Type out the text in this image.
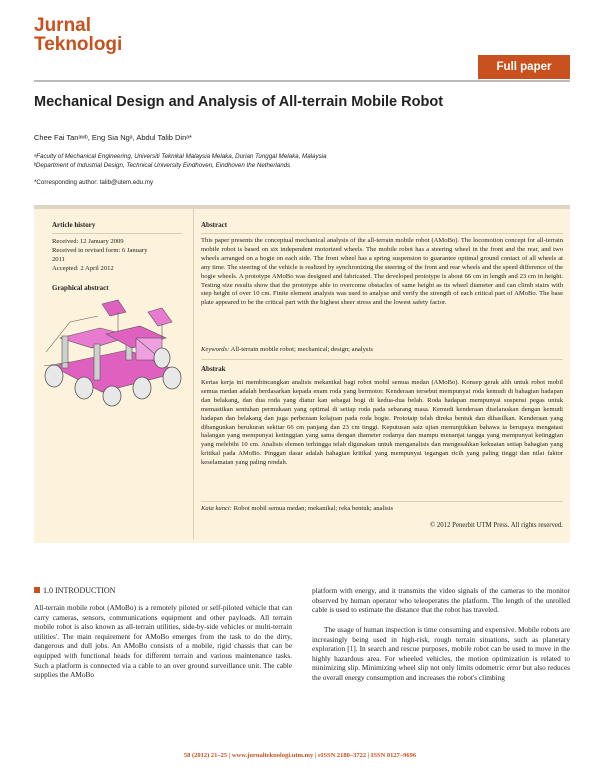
Jurnal
Teknologi
Full paper
Mechanical Design and Analysis of All-terrain Mobile Robot
Chee Fai Tanᵃʷᵇ, Eng Sia Ngᵃ, Abdul Talib Dinᵃ*
ᵃFaculty of Mechanical Engineering, Universiti Teknikal Malaysia Melaka, Durian Tunggal Melaka, Malaysia
ᵇDepartment of Industrial Design, Technical University Eindhoven, Eindhoven the Netherlands
*Corresponding author: talib@utem.edu.my
Article history
Received: 12 January 2009
Received in revised form: 6 January
2011
Accepted: 2 April 2012
Graphical abstract
Abstract
This paper presents the conceptual mechanical analysis of the all-terrain mobile robot (AMoBo). The locomotion concept for all-terrain mobile robot is based on six independent motorized wheels. The mobile robot has a steering wheel in the front and the rear, and two wheels arranged on a bogie on each side. The front wheel has a spring suspension to guarantee optimal ground contact of all wheels at any time. The steering of the vehicle is realized by synchronizing the steering of the front and rear wheels and the speed difference of the bogie wheels. A prototype AMoBo was designed and fabricated. The developed prototype is about 66 cm in length and 23 cm in height. Testing size results show that the prototype able to overcome obstacles of same height as its wheel diameter and can climb stairs with step height of over 10 cm. Finite element analysis was used to analyse and verify the strength of each critical part of AMoBo. The base plate appeared to be the critical part with the highest sheer stress and the lowest safety factor.
Keywords: All-terrain mobile robot; mechanical; design; analysis
Abstrak
Kertas kerja ini membincangkan analisis mekanikal bagi robot mobil semua medan (AMoBo). Konsep gerak alih untuk robot mobil semua medan adalah berdasarkan kepada enam roda yang bermotor. Kenderaan tersebut mempunyai roda kemudi di bahagian hadapan dan belakang, dan dua roda yang diatur kan sebagai bogi di kedua-dua belah. Roda hadapan mempunyai suspensi pegas untuk memastikan sentuhan permukaan yang optimal di setiap roda pada sebarang masa. Kemudi kenderaan diselaraskan dengan kemudi hadapan dan belakang dan juga perbezaan kelajuan pada roda bogie. Prototaip telah direka bentuk dan dihasilkan. Kenderaan yang dibangunkan berukuran sekitar 66 cm panjang dan 23 cm tinggi. Keputusan saiz ujian menunjukkan bahawa ia berupaya mengatasi halangan yang mempunyai ketinggian yang sama dengan diameter rodanya dan mampu menanjat tangga yang mempunyai ketinggian yang melebihi 10 cm. Analisis elemen terhingga telah digunakan untuk menganalisis dan mengesahkan kekuatan setiap bahagian yang kritikal pada AMoBo. Pinggan dasar adalah bahagian kritikal yang mempunyai tegangan ricih yang paling tinggi dan nilai faktor keselamatan yang paling rendah.
Kata kunci: Robot mobil semua medan; mekanikal; reka bentuk; analisis
© 2012 Penerbit UTM Press. All rights reserved.
1.0 INTRODUCTION
All-terrain mobile robot (AMoBo) is a remotely piloted or self-piloted vehicle that can carry cameras, sensors, communications equipment and other payloads. All terrain mobile robot is also known as all-terrain utilities, side-by-side vehicles or multi-terrain utilities'. The main requirement for AMoBo emerges from the task to do the dirty, dangerous and dull jobs. An AMoBo consists of a mobile, rigid chassis that can be equipped with functional heads for different terrain and various maintenance tasks. Such a platform is connected via a cable to an over ground surveillance unit. The cable supplies the AMoBo
platform with energy, and it transmits the video signals of the cameras to the monitor observed by human operator who teleoperates the platform. The length of the unrolled cable is used to estimate the distance that the robot has traveled.
The usage of human inspection is time consuming and expensive. Mobile robots are increasingly being used in high-risk, rough terrain situations, such as planetary exploration [1]. In search and rescue purposes, mobile robot can be used to move in the highly hazardous area. For wheeled vehicles, the motion optimization is related to minimizing slip. Minimizing wheel slip not only limits odometric error but also reduces the overall energy consumption and increases the robot's climbing
58 (2012) 21–25 | www.jurnalteknologi.utm.my | eISSN 2180–3722 | ISSN 0127–9696
